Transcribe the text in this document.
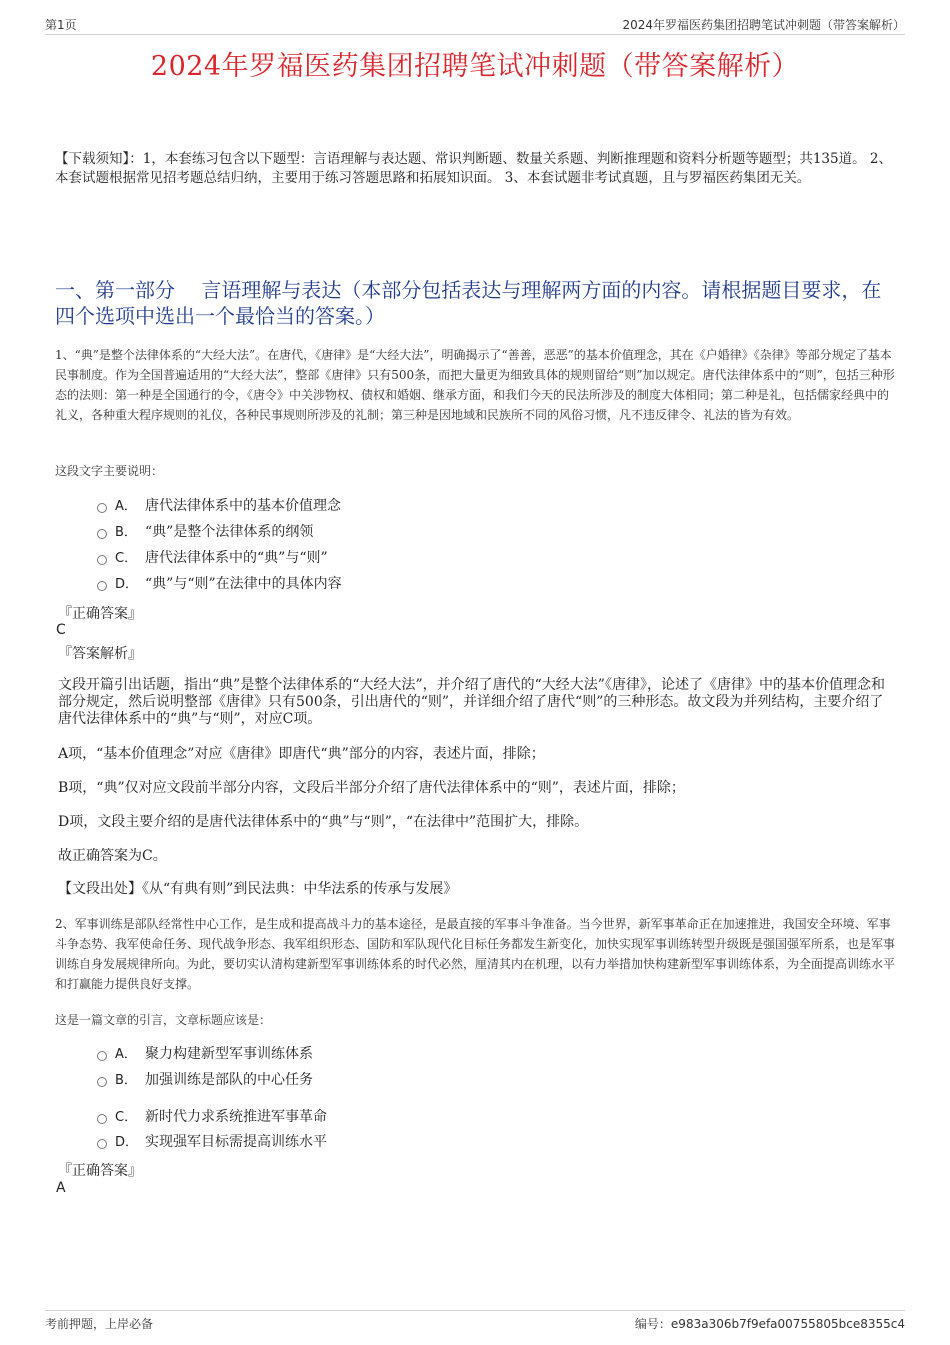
第1页	2024年罗福医药集团招聘笔试冲刺题（带答案解析）
2024年罗福医药集团招聘笔试冲刺题（带答案解析）
【下载须知】：1，本套练习包含以下题型：言语理解与表达题、常识判断题、数量关系题、判断推理题和资料分析题等题型；共135道。 2、本套试题根据常见招考题总结归纳，主要用于练习答题思路和拓展知识面。 3、本套试题非考试真题，且与罗福医药集团无关。
一、第一部分　 言语理解与表达（本部分包括表达与理解两方面的内容。请根据题目要求，在四个选项中选出一个最恰当的答案。）
1、“典”是整个法律体系的“大经大法”。在唐代，《唐律》是“大经大法”，明确揭示了“善善，恶恶”的基本价值理念，其在《户婚律》《杂律》等部分规定了基本民事制度。作为全国普遍适用的“大经大法”，整部《唐律》只有500条，而把大量更为细致具体的规则留给“则”加以规定。唐代法律体系中的“则”，包括三种形态的法则：第一种是全国通行的令，《唐令》中关涉物权、债权和婚姻、继承方面，和我们今天的民法所涉及的制度大体相同；第二种是礼，包括儒家经典中的礼义，各种重大程序规则的礼仪，各种民事规则所涉及的礼制；第三种是因地域和民族所不同的风俗习惯，凡不违反律令、礼法的皆为有效。
这段文字主要说明：
A． 唐代法律体系中的基本价值理念
B． “典”是整个法律体系的纲领
C． 唐代法律体系中的“典”与“则”
D． “典”与“则”在法律中的具体内容
『正确答案』
C
『答案解析』
文段开篇引出话题，指出“典”是整个法律体系的“大经大法”，并介绍了唐代的“大经大法”《唐律》，论述了《唐律》中的基本价值理念和部分规定，然后说明整部《唐律》只有500条，引出唐代的“则”，并详细介绍了唐代“则”的三种形态。故文段为并列结构，主要介绍了唐代法律体系中的“典”与“则”，对应C项。
A项，“基本价值理念”对应《唐律》即唐代“典”部分的内容，表述片面，排除；
B项，“典”仅对应文段前半部分内容，文段后半部分介绍了唐代法律体系中的“则”，表述片面，排除；
D项，文段主要介绍的是唐代法律体系中的“典”与“则”，“在法律中”范围扩大，排除。
故正确答案为C。
【文段出处】《从“有典有则”到民法典：中华法系的传承与发展》
2、军事训练是部队经常性中心工作，是生成和提高战斗力的基本途径，是最直接的军事斗争准备。当今世界，新军事革命正在加速推进，我国安全环境、军事斗争态势、我军使命任务、现代战争形态、我军组织形态、国防和军队现代化目标任务都发生新变化，加快实现军事训练转型升级既是强国强军所系，也是军事训练自身发展规律所向。为此，要切实认清构建新型军事训练体系的时代必然，厘清其内在机理，以有力举措加快构建新型军事训练体系，为全面提高训练水平和打赢能力提供良好支撑。
这是一篇文章的引言，文章标题应该是：
A． 聚力构建新型军事训练体系
B． 加强训练是部队的中心任务
C． 新时代力求系统推进军事革命
D． 实现强军目标需提高训练水平
『正确答案』
A
考前押题，上岸必备	编号：e983a306b7f9efa00755805bce8355c4
